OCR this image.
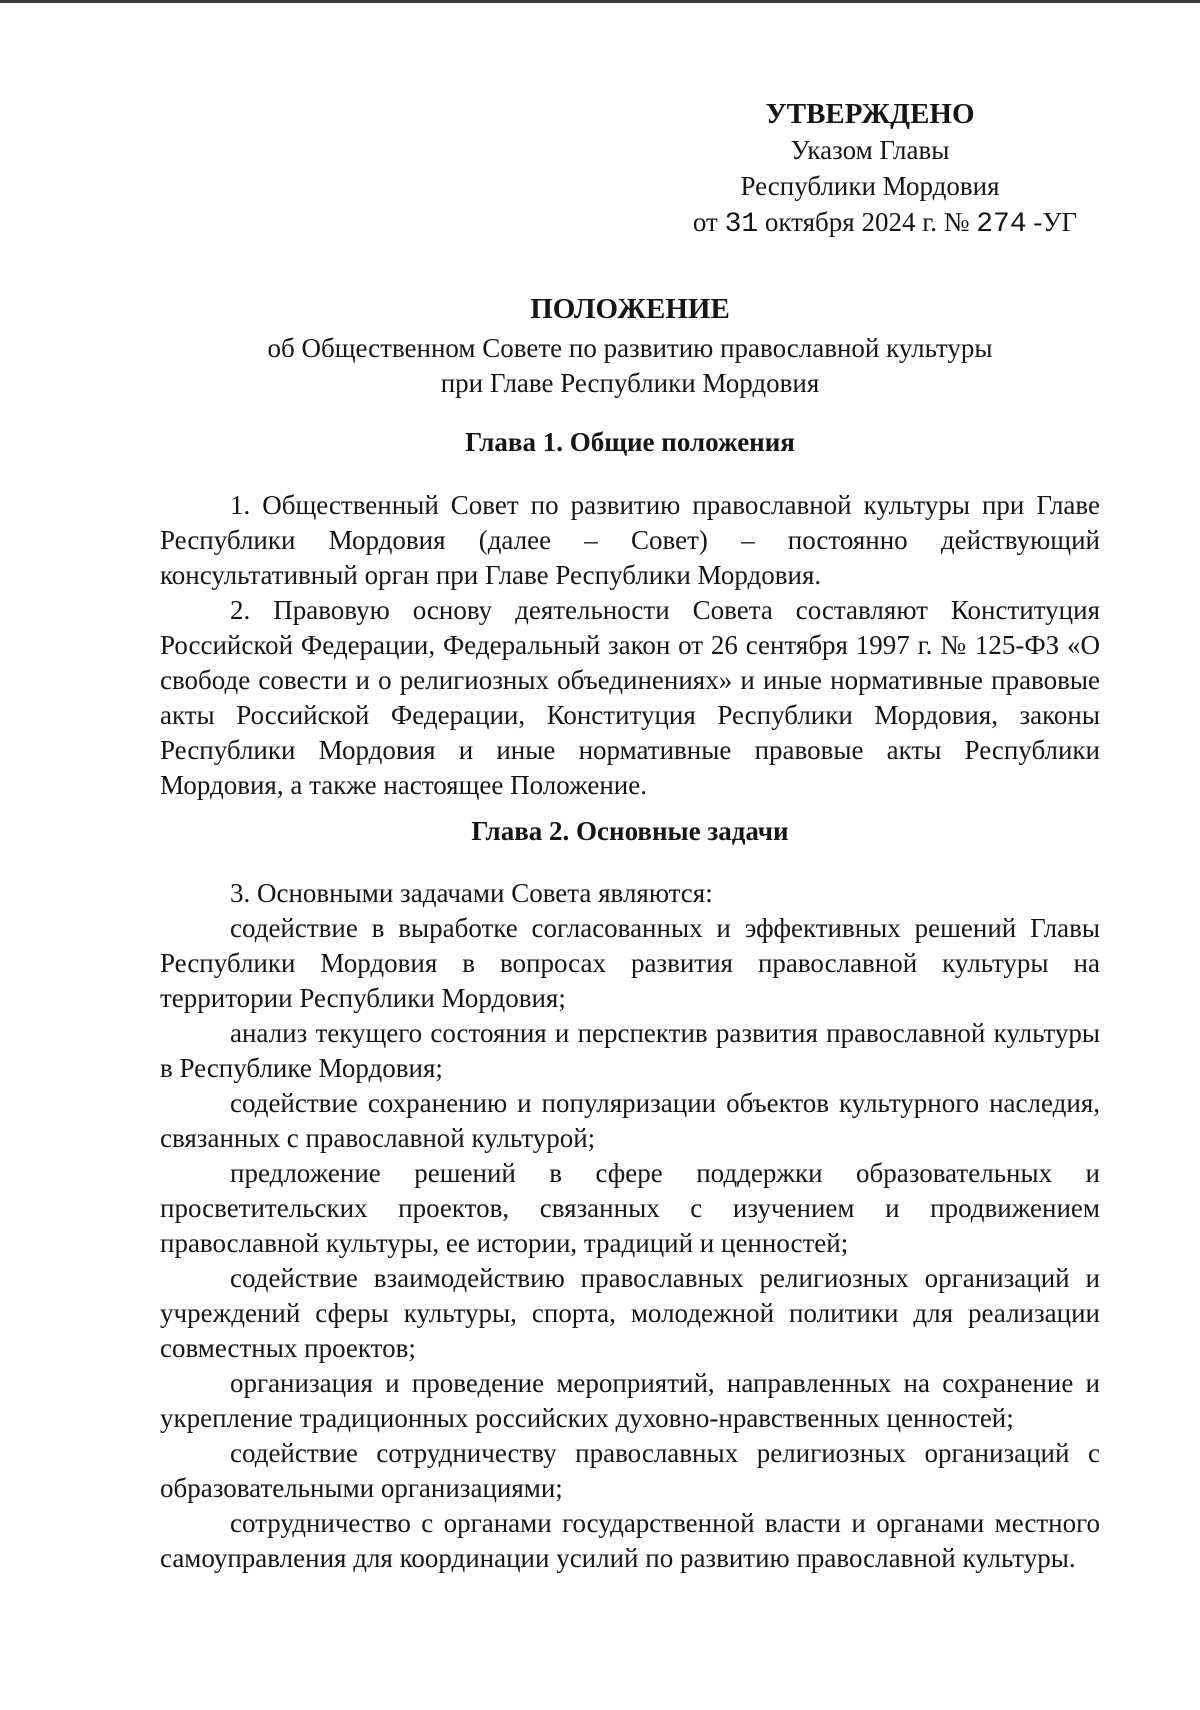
УТВЕРЖДЕНО
Указом Главы
Республики Мордовия
от 31 октября 2024 г. № 274 -УГ
ПОЛОЖЕНИЕ
об Общественном Совете по развитию православной культуры
при Главе Республики Мордовия
Глава 1. Общие положения

1. Общественный Совет по развитию православной культуры при Главе Республики Мордовия (далее – Совет) – постоянно действующий консультативный орган при Главе Республики Мордовия.

2. Правовую основу деятельности Совета составляют Конституция Российской Федерации, Федеральный закон от 26 сентября 1997 г. № 125-ФЗ «О свободе совести и о религиозных объединениях» и иные нормативные правовые акты Российской Федерации, Конституция Республики Мордовия, законы Республики Мордовия и иные нормативные правовые акты Республики Мордовия, а также настоящее Положение.

Глава 2. Основные задачи

3. Основными задачами Совета являются:

содействие в выработке согласованных и эффективных решений Главы Республики Мордовия в вопросах развития православной культуры на территории Республики Мордовия;

анализ текущего состояния и перспектив развития православной культуры в Республике Мордовия;

содействие сохранению и популяризации объектов культурного наследия, связанных с православной культурой;

предложение решений в сфере поддержки образовательных и просветительских проектов, связанных с изучением и продвижением православной культуры, ее истории, традиций и ценностей;

содействие взаимодействию православных религиозных организаций и учреждений сферы культуры, спорта, молодежной политики для реализации совместных проектов;

организация и проведение мероприятий, направленных на сохранение и укрепление традиционных российских духовно-нравственных ценностей;

содействие сотрудничеству православных религиозных организаций с образовательными организациями;

сотрудничество с органами государственной власти и органами местного самоуправления для координации усилий по развитию православной культуры.
